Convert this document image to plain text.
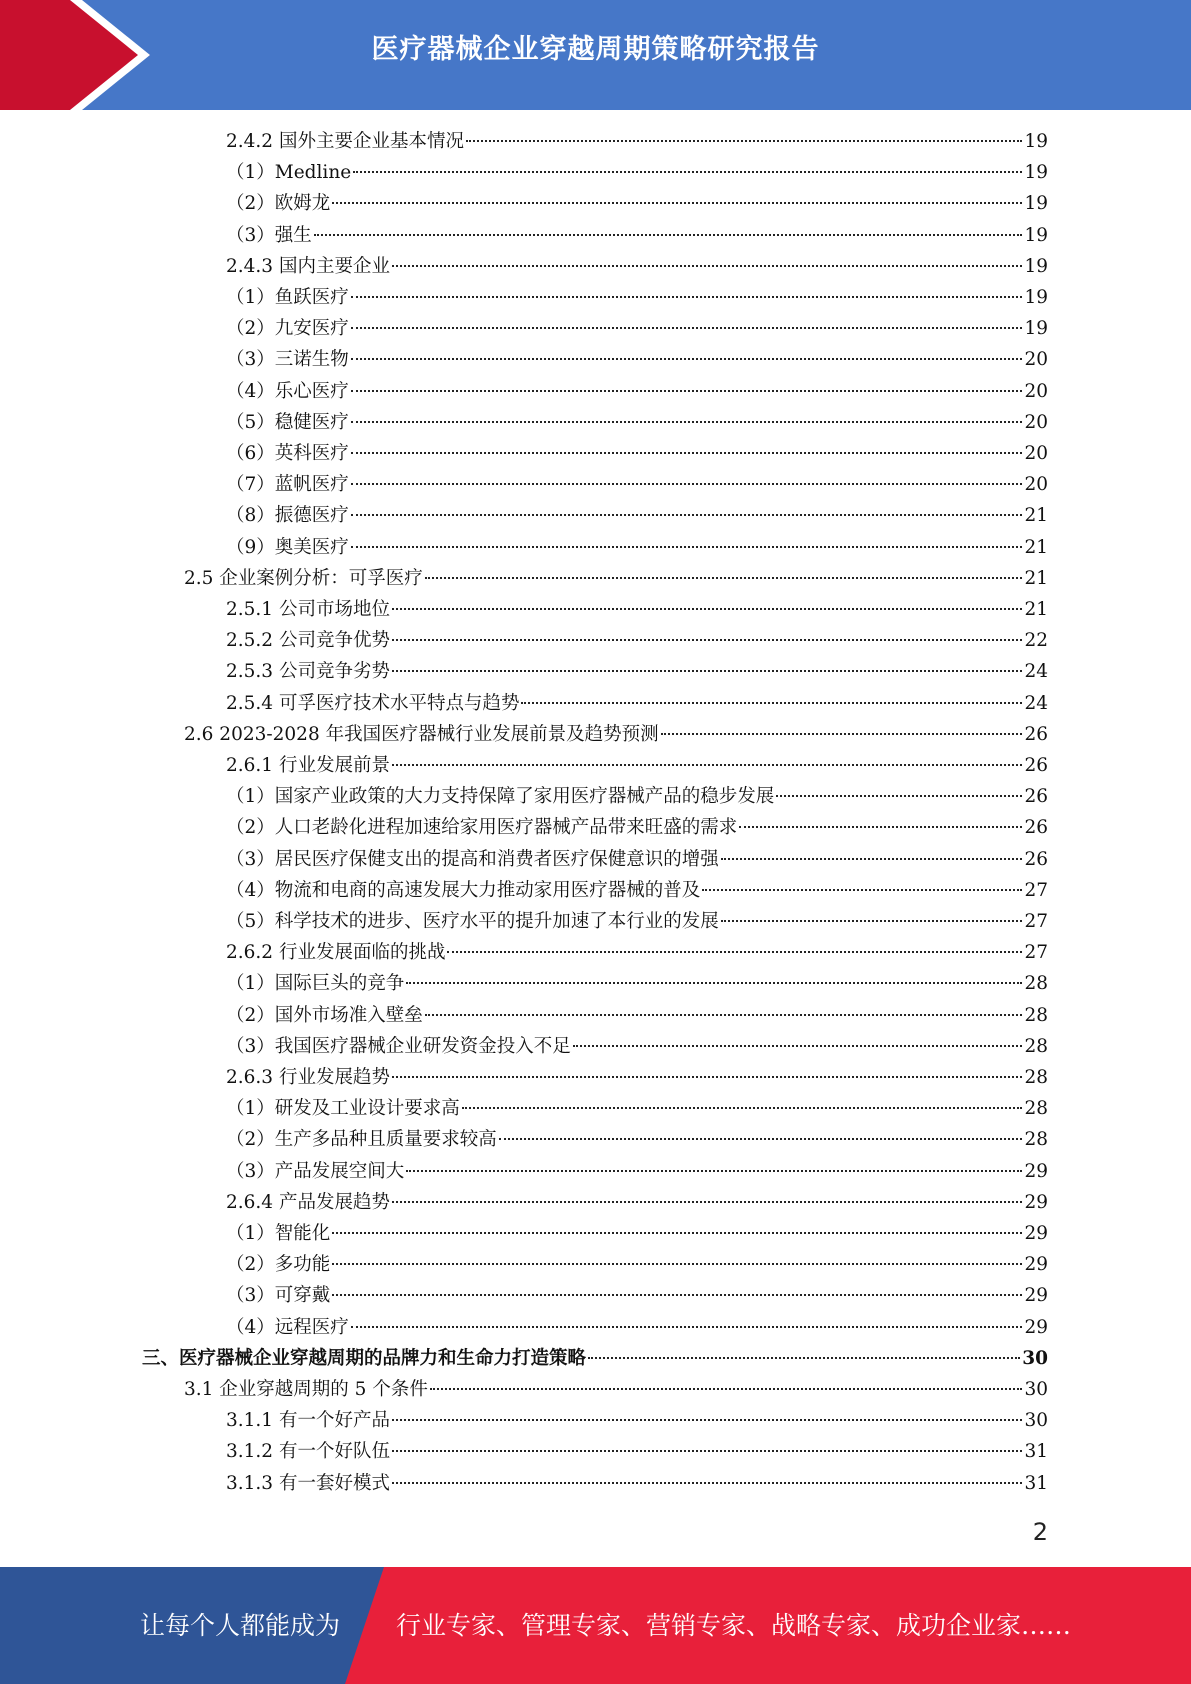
医疗器械企业穿越周期策略研究报告
2.4.2 国外主要企业基本情况	19
（1）Medline	19
（2）欧姆龙	19
（3）强生	19
2.4.3 国内主要企业	19
（1）鱼跃医疗	19
（2）九安医疗	19
（3）三诺生物	20
（4）乐心医疗	20
（5）稳健医疗	20
（6）英科医疗	20
（7）蓝帆医疗	20
（8）振德医疗	21
（9）奥美医疗	21
2.5 企业案例分析：可孚医疗	21
2.5.1 公司市场地位	21
2.5.2 公司竞争优势	22
2.5.3 公司竞争劣势	24
2.5.4 可孚医疗技术水平特点与趋势	24
2.6 2023-2028 年我国医疗器械行业发展前景及趋势预测	26
2.6.1 行业发展前景	26
（1）国家产业政策的大力支持保障了家用医疗器械产品的稳步发展	26
（2）人口老龄化进程加速给家用医疗器械产品带来旺盛的需求	26
（3）居民医疗保健支出的提高和消费者医疗保健意识的增强	26
（4）物流和电商的高速发展大力推动家用医疗器械的普及	27
（5）科学技术的进步、医疗水平的提升加速了本行业的发展	27
2.6.2 行业发展面临的挑战	27
（1）国际巨头的竞争	28
（2）国外市场准入壁垒	28
（3）我国医疗器械企业研发资金投入不足	28
2.6.3 行业发展趋势	28
（1）研发及工业设计要求高	28
（2）生产多品种且质量要求较高	28
（3）产品发展空间大	29
2.6.4 产品发展趋势	29
（1）智能化	29
（2）多功能	29
（3）可穿戴	29
（4）远程医疗	29
三、医疗器械企业穿越周期的品牌力和生命力打造策略	30
3.1 企业穿越周期的 5 个条件	30
3.1.1 有一个好产品	30
3.1.2 有一个好队伍	31
3.1.3 有一套好模式	31
2
让每个人都能成为 行业专家、管理专家、营销专家、战略专家、成功企业家……
